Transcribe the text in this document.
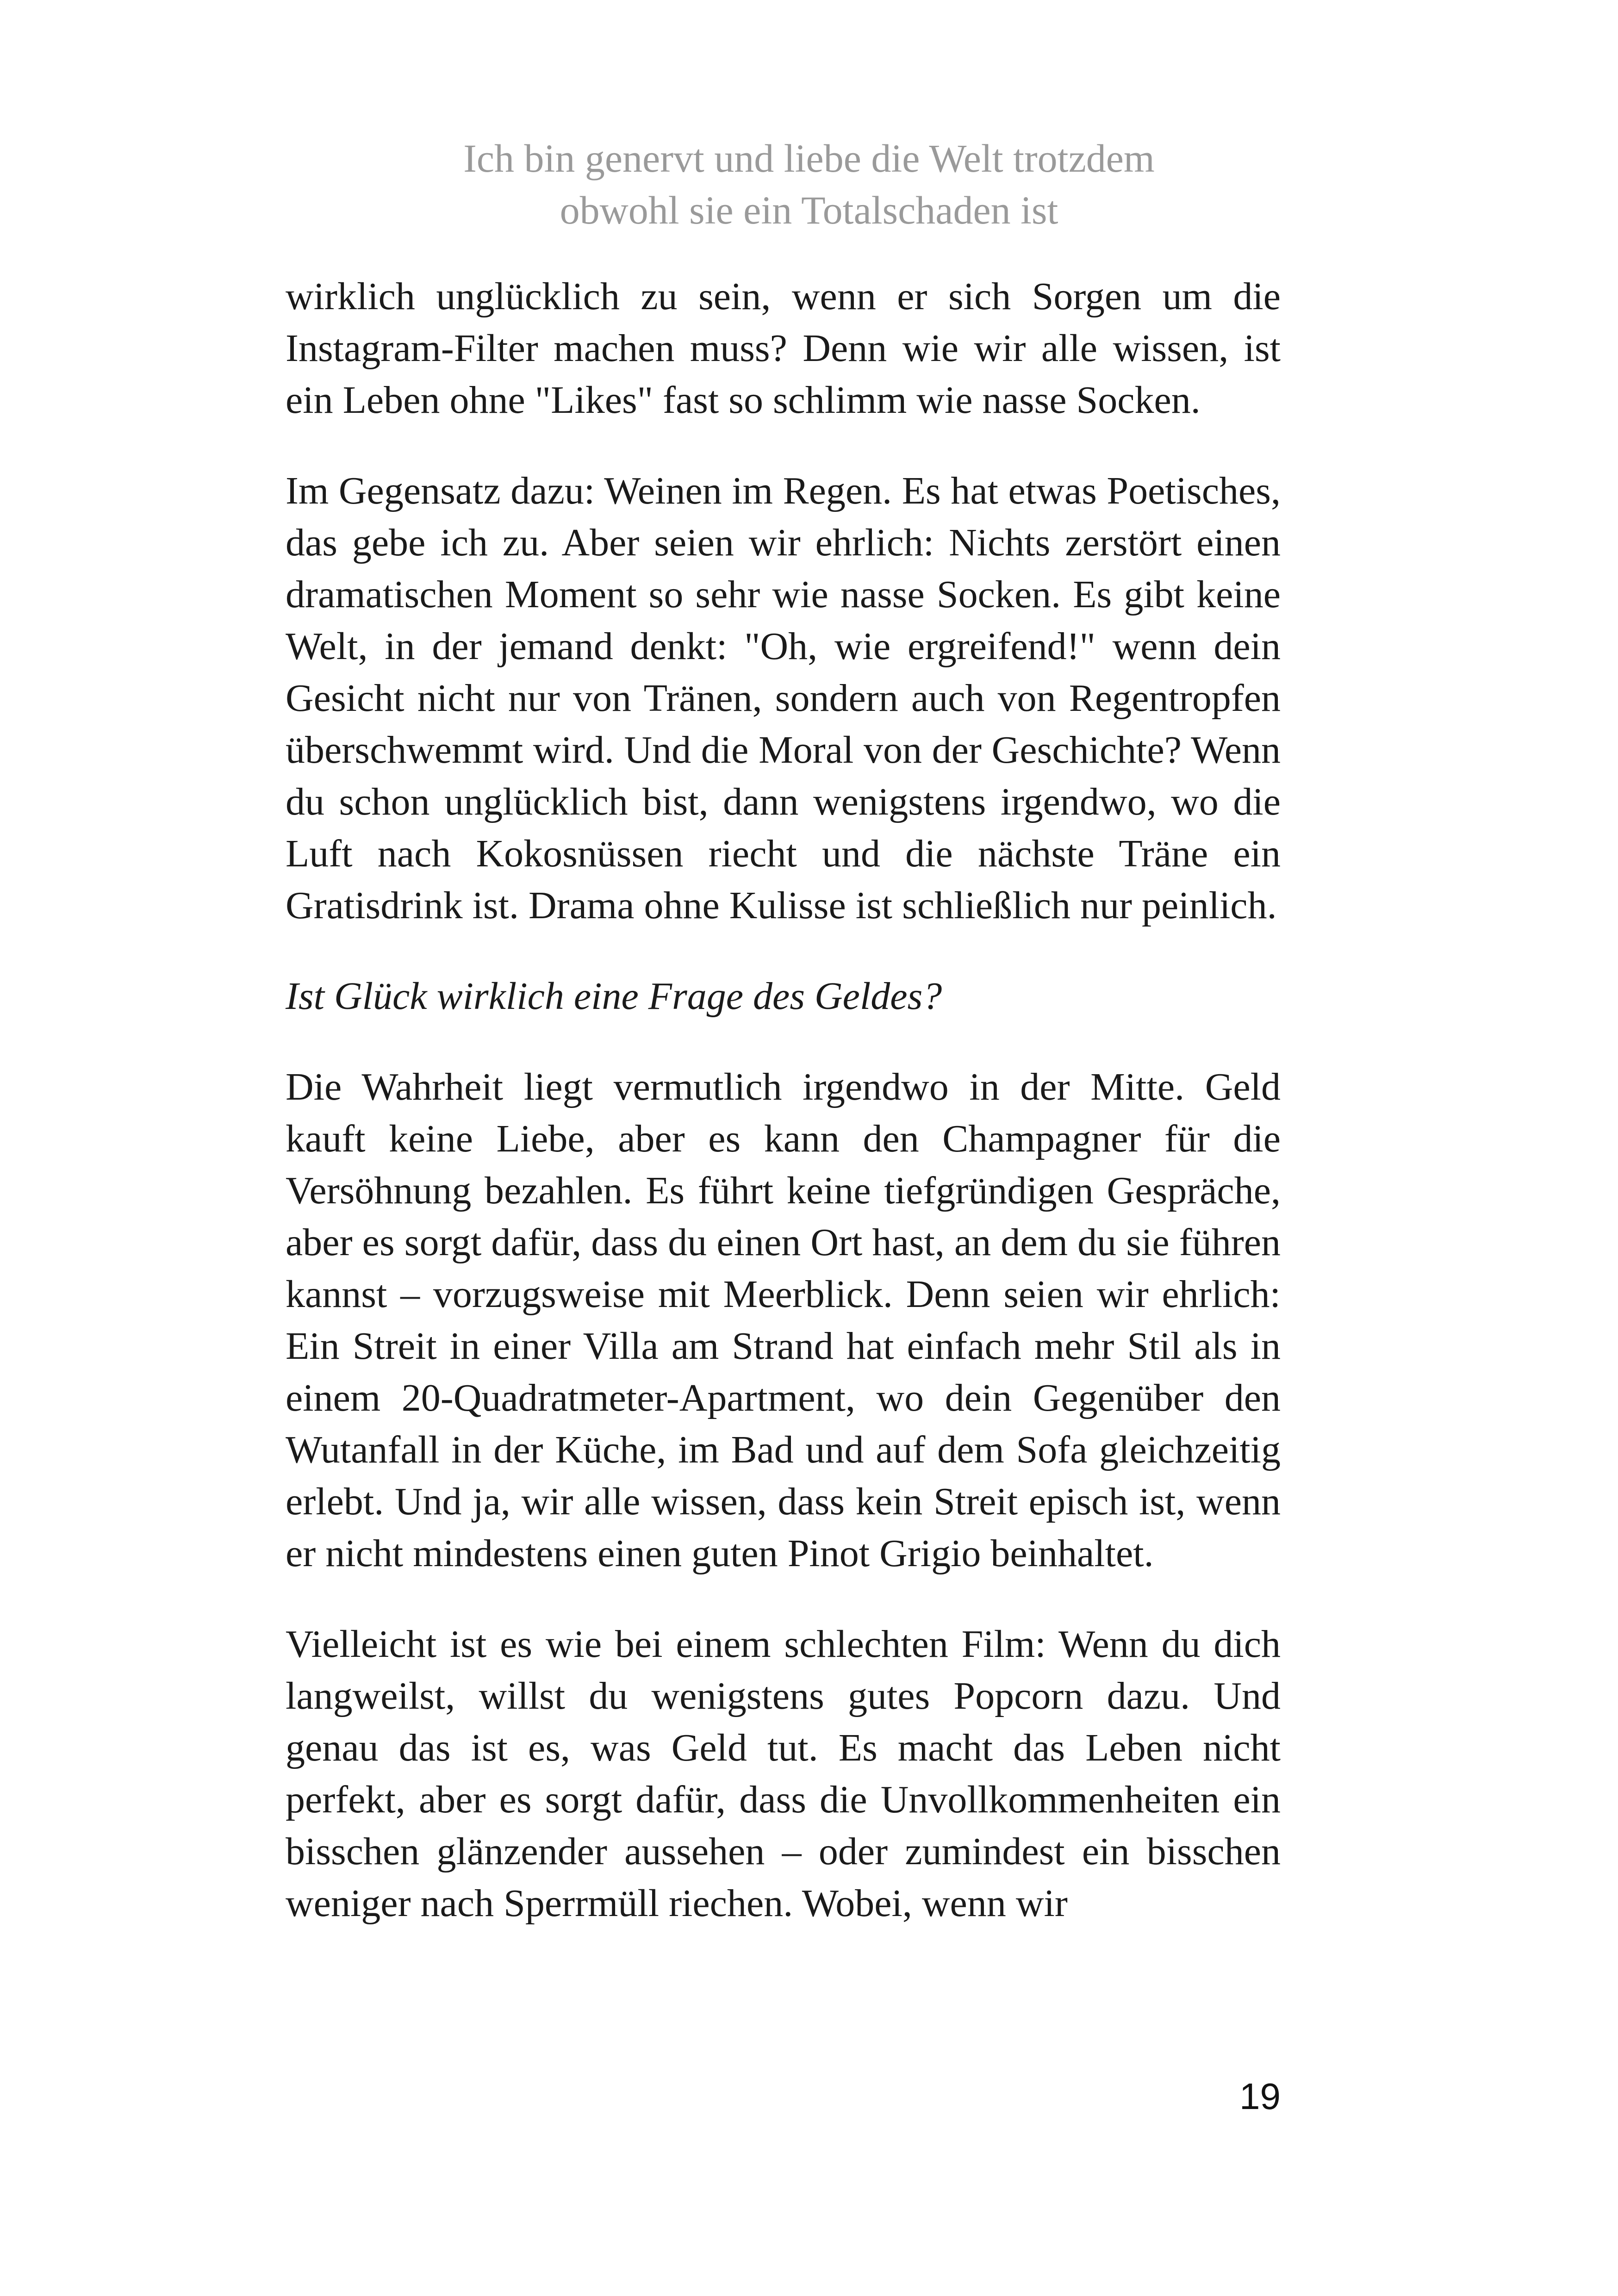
Ich bin genervt und liebe die Welt trotzdem
obwohl sie ein Totalschaden ist

wirklich unglücklich zu sein, wenn er sich Sorgen um die Instagram-Filter machen muss? Denn wie wir alle wissen, ist ein Leben ohne "Likes" fast so schlimm wie nasse Socken.

Im Gegensatz dazu: Weinen im Regen. Es hat etwas Poetisches, das gebe ich zu. Aber seien wir ehrlich: Nichts zerstört einen dramatischen Moment so sehr wie nasse Socken. Es gibt keine Welt, in der jemand denkt: "Oh, wie ergreifend!" wenn dein Gesicht nicht nur von Tränen, sondern auch von Regentropfen überschwemmt wird. Und die Moral von der Geschichte? Wenn du schon unglücklich bist, dann wenigstens irgendwo, wo die Luft nach Kokosnüssen riecht und die nächste Träne ein Gratisdrink ist. Drama ohne Kulisse ist schließlich nur peinlich.

Ist Glück wirklich eine Frage des Geldes?

Die Wahrheit liegt vermutlich irgendwo in der Mitte. Geld kauft keine Liebe, aber es kann den Champagner für die Versöhnung bezahlen. Es führt keine tiefgründigen Gespräche, aber es sorgt dafür, dass du einen Ort hast, an dem du sie führen kannst – vorzugsweise mit Meerblick. Denn seien wir ehrlich: Ein Streit in einer Villa am Strand hat einfach mehr Stil als in einem 20-Quadratmeter-Apartment, wo dein Gegenüber den Wutanfall in der Küche, im Bad und auf dem Sofa gleichzeitig erlebt. Und ja, wir alle wissen, dass kein Streit episch ist, wenn er nicht mindestens einen guten Pinot Grigio beinhaltet.

Vielleicht ist es wie bei einem schlechten Film: Wenn du dich langweilst, willst du wenigstens gutes Popcorn dazu. Und genau das ist es, was Geld tut. Es macht das Leben nicht perfekt, aber es sorgt dafür, dass die Unvollkommenheiten ein bisschen glänzender aussehen – oder zumindest ein bisschen weniger nach Sperrmüll riechen. Wobei, wenn wir

19
